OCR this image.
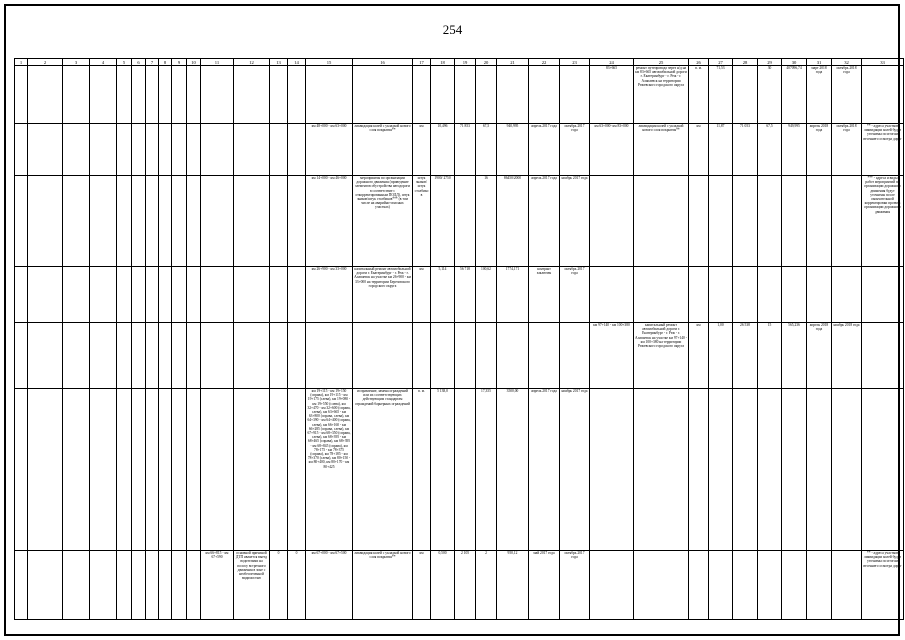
254
1	2	3	4	5	6	7	8	9	10	11	12	13	14	15	16	17	18	19	20	21	22	23	24	25	26	27	28	29	30	31	32	33
																							83+665	ремонт путепровода через н/д на км 83+665 автомобильной дороги г. Екатеринбург - г. Реж - г. Алапаевск на территории Режевского городского округа	п. м.	71,53		30	407096,74	март 2018 года	октябрь 2018 года	
														км 48+000 - км 63+000	ликвидация колей с укладкой нового слоя покрытия**	км	10,496	71 853	67,5	940,995	апрель 2017 года	октябрь 2017 года	км 63+000- км 83+000	ликвидация колей с укладкой нового слоя покрытия**	км	11,87	71 053	67,5	949,995	апрель 2018 года	октябрь 2018 года	** - адреса участков ликвидации колей будут уточнены по итогам весеннего осмотра дорог
														км 14+000 - км 46+000	мероприятия по организации дорожного движения (приведение элементов обустройства автодороги в соответствие с откорректированным ПОДД), штук знаков/штук столбиков*** (в том числе на аварийно-опасных участках)	штук знаков/ штук столбиков	1900/ 2750		16	86450/2000	апрель 2017 года	ноябрь 2017 года										*** - адреса и виды работ мероприятий по организации дорожного движения будут уточнены после окончательной корректировки проекта организации дорожного движения
														км 26+900 - км 33+000	капитальный ремонт автомобильной дороги г. Екатеринбург - г. Реж - г. Алапаевск на участке км 26+900 - км 33+000 на территории Березовского городского округа	км	5,114	56 718	100,62	1774,171	контракт заключен	октябрь 2017 года										
																							км 97+140 - км 100+380	капитальный ремонт автомобильной дороги г. Екатеринбург - г. Реж - г. Алапаевск на участке км 97+140 - км 100+380 на территории Режевского городского округа	км	1,00	26 538	15	565,236	апрель 2018 года	ноябрь 2018 года	
														км 19+115 - км 19+150 (справа), км 19+115 - км 19+175 (слева), км 19+080 - км 19+550 (слева), км 32+470 - км 32+600 (справа, слева), км 63+665 - км 63+800 (справа, слева), км 64+390 - км 64+400 (справа, слева), км 66+160 - км 66+285 (справа, слева), км 67+915 - км 68+350 (справа, слева), км 68+395 - км 68+465 (справа), км 68+395 - км 68+845 (справа), км 78+175 - км 78+375 (справа), км 78+185 - км 78+370 (слева), км 80+150 - км 80+400, км 80+170 - км 80+425	исправление, замена ограждений или их соответствующих действующим стандартам ограждений барьерных ограждений	п. м.	5 138,0		17,355	3500,00	апрель 2017 года	ноябрь 2017 года										
										км 66+815 - км 67+590	основной причиной ДТП является выезд водителями на полосу встречного движения в зоне с необеспеченной видимостью	0	0	км 67+000 - км 67+500	ликвидация колей с укладкой нового слоя покрытия**	км	0,500	2 105	2	950,12	май 2017 года	октябрь 2017 года										** - адреса участков ликвидации колей будут уточнены по итогам весеннего осмотра дорог
